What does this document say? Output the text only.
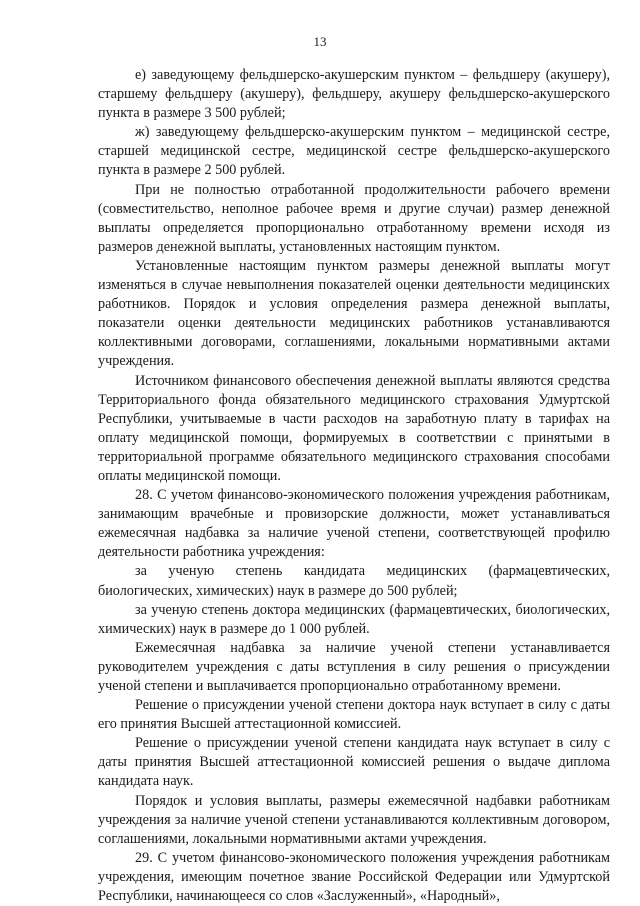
13

е) заведующему фельдшерско-акушерским пунктом – фельдшеру (акушеру), старшему фельдшеру (акушеру), фельдшеру, акушеру фельдшерско-акушерского пункта в размере 3 500 рублей;

ж) заведующему фельдшерско-акушерским пунктом – медицинской сестре, старшей медицинской сестре, медицинской сестре фельдшерско-акушерского пункта в размере 2 500 рублей.

При не полностью отработанной продолжительности рабочего времени (совместительство, неполное рабочее время и другие случаи) размер денежной выплаты определяется пропорционально отработанному времени исходя из размеров денежной выплаты, установленных настоящим пунктом.

Установленные настоящим пунктом размеры денежной выплаты могут изменяться в случае невыполнения показателей оценки деятельности медицинских работников. Порядок и условия определения размера денежной выплаты, показатели оценки деятельности медицинских работников устанавливаются коллективными договорами, соглашениями, локальными нормативными актами учреждения.

Источником финансового обеспечения денежной выплаты являются средства Территориального фонда обязательного медицинского страхования Удмуртской Республики, учитываемые в части расходов на заработную плату в тарифах на оплату медицинской помощи, формируемых в соответствии с принятыми в территориальной программе обязательного медицинского страхования способами оплаты медицинской помощи.

28. С учетом финансово-экономического положения учреждения работникам, занимающим врачебные и провизорские должности, может устанавливаться ежемесячная надбавка за наличие ученой степени, соответствующей профилю деятельности работника учреждения:

за ученую степень кандидата медицинских (фармацевтических, биологических, химических) наук в размере до 500 рублей;

за ученую степень доктора медицинских (фармацевтических, биологических, химических) наук в размере до 1 000 рублей.

Ежемесячная надбавка за наличие ученой степени устанавливается руководителем учреждения с даты вступления в силу решения о присуждении ученой степени и выплачивается пропорционально отработанному времени.

Решение о присуждении ученой степени доктора наук вступает в силу с даты его принятия Высшей аттестационной комиссией.

Решение о присуждении ученой степени кандидата наук вступает в силу с даты принятия Высшей аттестационной комиссией решения о выдаче диплома кандидата наук.

Порядок и условия выплаты, размеры ежемесячной надбавки работникам учреждения за наличие ученой степени устанавливаются коллективным договором, соглашениями, локальными нормативными актами учреждения.

29. С учетом финансово-экономического положения учреждения работникам учреждения, имеющим почетное звание Российской Федерации или Удмуртской Республики, начинающееся со слов «Заслуженный», «Народный»,
